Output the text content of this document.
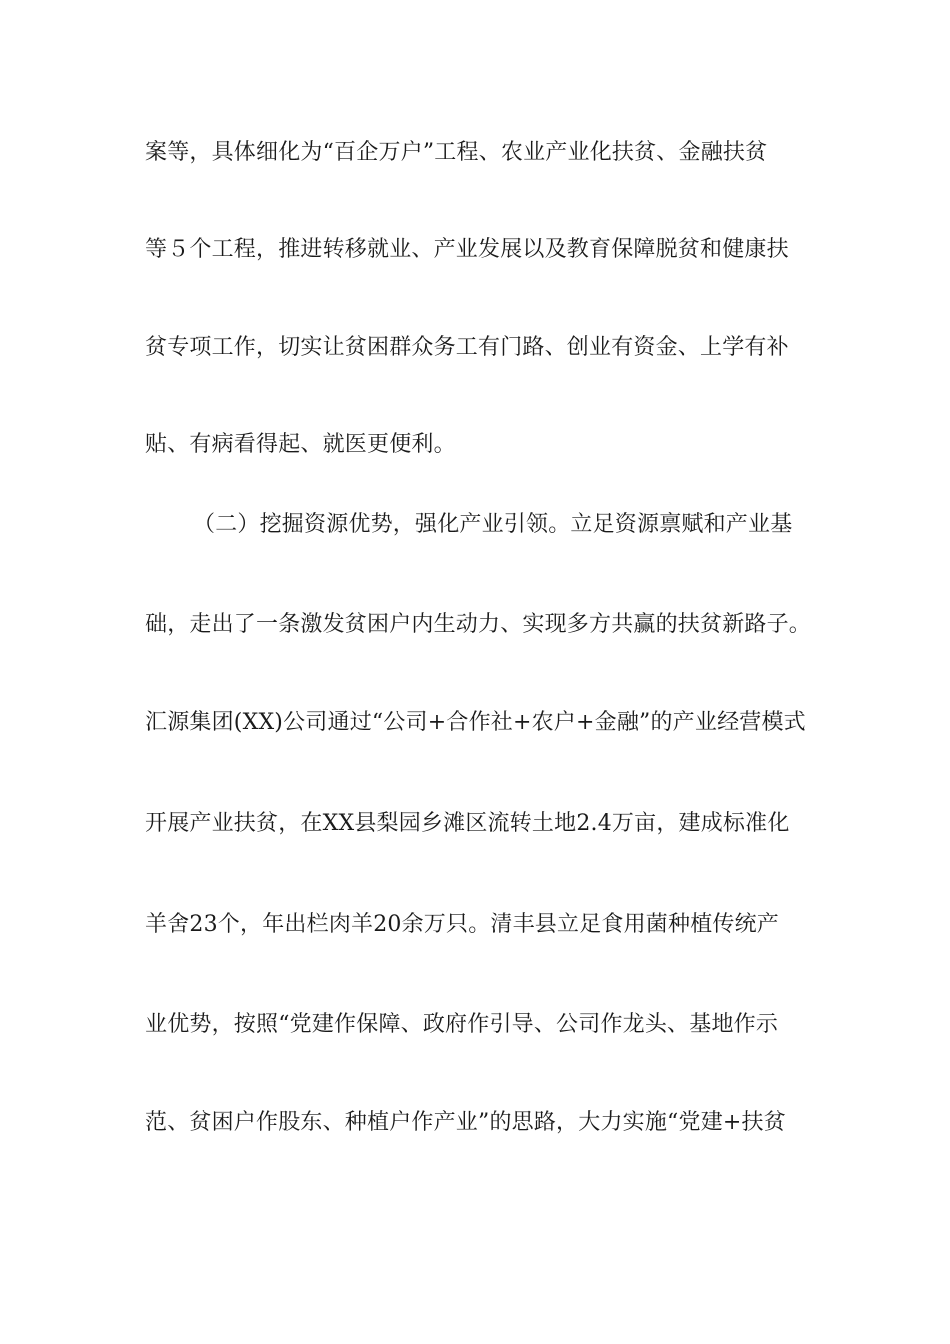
案等，具体细化为“百企万户”工程、农业产业化扶贫、金融扶贫
等５个工程，推进转移就业、产业发展以及教育保障脱贫和健康扶
贫专项工作，切实让贫困群众务工有门路、创业有资金、上学有补
贴、有病看得起、就医更便利。
（二）挖掘资源优势，强化产业引领。立足资源禀赋和产业基
础，走出了一条激发贫困户内生动力、实现多方共赢的扶贫新路子。
汇源集团(XX)公司通过“公司+合作社+农户+金融”的产业经营模式
开展产业扶贫，在XX县梨园乡滩区流转土地2.4万亩，建成标准化
羊舍23个，年出栏肉羊20余万只。清丰县立足食用菌种植传统产
业优势，按照“党建作保障、政府作引导、公司作龙头、基地作示
范、贫困户作股东、种植户作产业”的思路，大力实施“党建+扶贫
